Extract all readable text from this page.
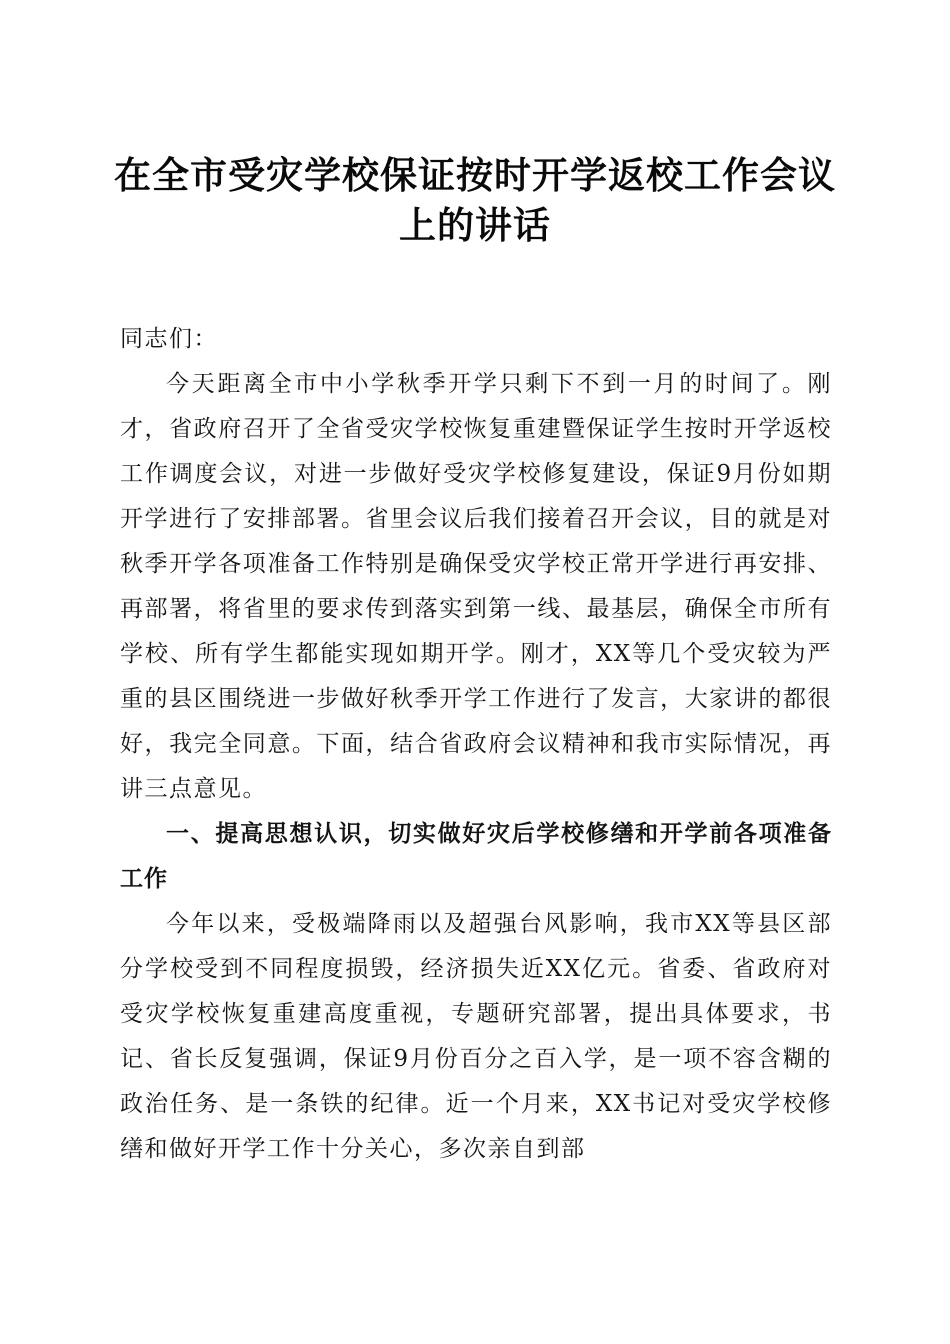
在全市受灾学校保证按时开学返校工作会议上的讲话

同志们：

今天距离全市中小学秋季开学只剩下不到一月的时间了。刚才，省政府召开了全省受灾学校恢复重建暨保证学生按时开学返校工作调度会议，对进一步做好受灾学校修复建设，保证9月份如期开学进行了安排部署。省里会议后我们接着召开会议，目的就是对秋季开学各项准备工作特别是确保受灾学校正常开学进行再安排、再部署，将省里的要求传到落实到第一线、最基层，确保全市所有学校、所有学生都能实现如期开学。刚才，XX等几个受灾较为严重的县区围绕进一步做好秋季开学工作进行了发言，大家讲的都很好，我完全同意。下面，结合省政府会议精神和我市实际情况，再讲三点意见。

一、提高思想认识，切实做好灾后学校修缮和开学前各项准备工作

今年以来，受极端降雨以及超强台风影响，我市XX等县区部分学校受到不同程度损毁，经济损失近XX亿元。省委、省政府对受灾学校恢复重建高度重视，专题研究部署，提出具体要求，书记、省长反复强调，保证9月份百分之百入学，是一项不容含糊的政治任务、是一条铁的纪律。近一个月来，XX书记对受灾学校修缮和做好开学工作十分关心，多次亲自到部
